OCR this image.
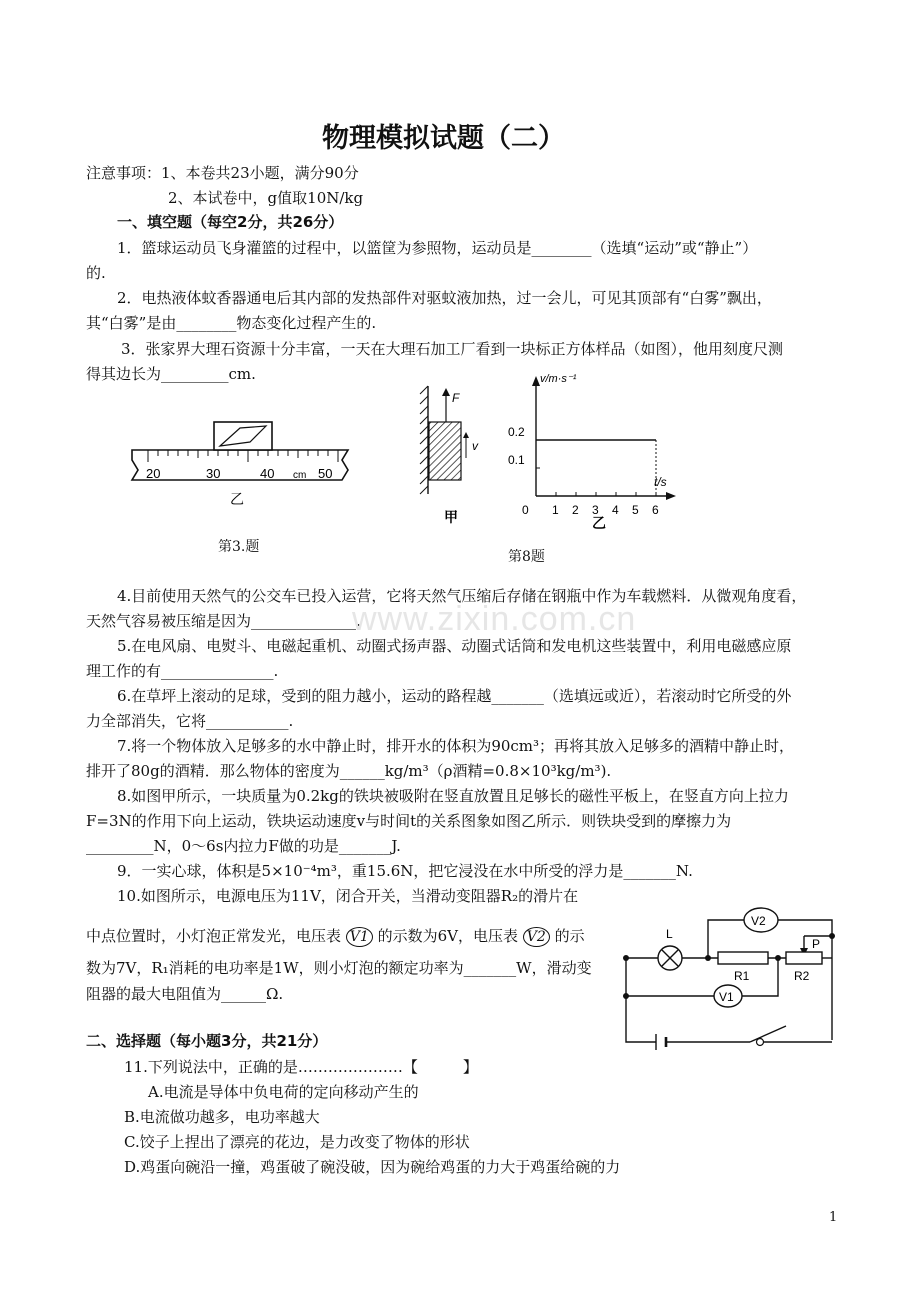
物理模拟试题（二）
注意事项：1、本卷共23小题，满分90分
2、本试卷中，g值取10N/kg
一、填空题（每空2分，共26分）
1．篮球运动员飞身灌篮的过程中，以篮筐为参照物，运动员是________（选填“运动”或“静止”）
的.
2．电热液体蚊香器通电后其内部的发热部件对驱蚊液加热，过一会儿，可见其顶部有“白雾”飘出，
其“白雾”是由________物态变化过程产生的.
3．张家界大理石资源十分丰富，一天在大理石加工厂看到一块标正方体样品（如图），他用刻度尺测
得其边长为_________cm.
20	30	40	50
cm
乙
第3.题
F
v
甲
v/m·s⁻¹
t/s
0.2
0.1
0 1 2 3 4 5 6
乙
第8题
4.目前使用天然气的公交车已投入运营，它将天然气压缩后存储在钢瓶中作为车载燃料．从微观角度看，
天然气容易被压缩是因为______________.
5.在电风扇、电熨斗、电磁起重机、动圈式扬声器、动圈式话筒和发电机这些装置中，利用电磁感应原
理工作的有_______________.
6.在草坪上滚动的足球，受到的阻力越小，运动的路程越_______（选填远或近），若滚动时它所受的外
力全部消失，它将___________.
7.将一个物体放入足够多的水中静止时，排开水的体积为90cm³；再将其放入足够多的酒精中静止时，
排开了80g的酒精．那么物体的密度为______kg/m³（ρ酒精=0.8×10³kg/m³).
8.如图甲所示，一块质量为0.2kg的铁块被吸附在竖直放置且足够长的磁性平板上，在竖直方向上拉力
F=3N的作用下向上运动，铁块运动速度v与时间t的关系图象如图乙所示．则铁块受到的摩擦力为
_________N，0～6s内拉力F做的功是_______J.
9．一实心球，体积是5×10⁻⁴m³，重15.6N，把它浸没在水中所受的浮力是_______N.
10.如图所示，电源电压为11V，闭合开关，当滑动变阻器R₂的滑片在
中点位置时，小灯泡正常发光，电压表 V1 的示数为6V，电压表 V2 的示
数为7V，R₁消耗的电功率是1W，则小灯泡的额定功率为_______W，滑动变
阻器的最大电阻值为______Ω.
V2
L
R1	R2
P
V1
www.zixin.com.cn
二、选择题（每小题3分，共21分）
11.下列说法中，正确的是…………………【　　　】
A.电流是导体中负电荷的定向移动产生的
B.电流做功越多，电功率越大
C.饺子上捏出了漂亮的花边，是力改变了物体的形状
D.鸡蛋向碗沿一撞，鸡蛋破了碗没破，因为碗给鸡蛋的力大于鸡蛋给碗的力
1
